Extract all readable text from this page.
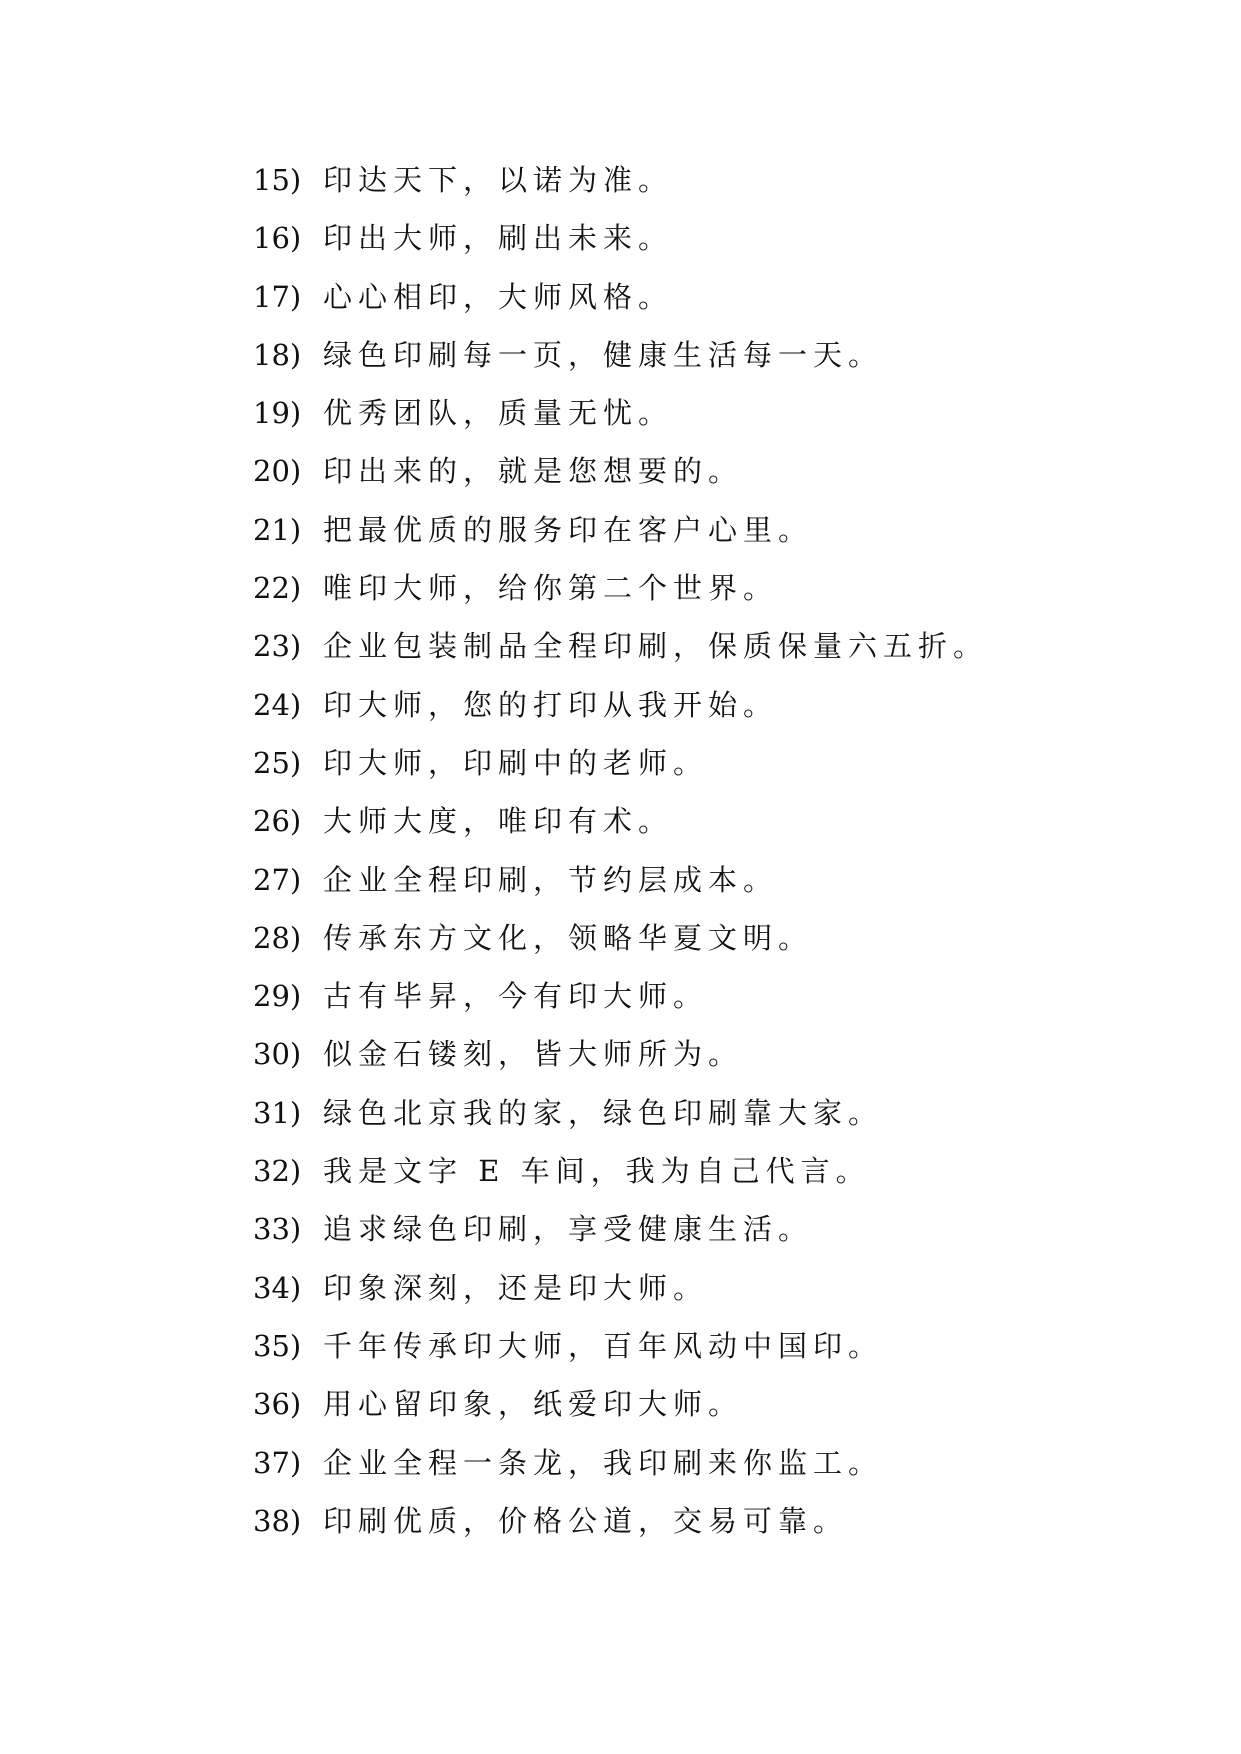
15) 印达天下，以诺为准。
16) 印出大师，刷出未来。
17) 心心相印，大师风格。
18) 绿色印刷每一页，健康生活每一天。
19) 优秀团队，质量无忧。
20) 印出来的，就是您想要的。
21) 把最优质的服务印在客户心里。
22) 唯印大师，给你第二个世界。
23) 企业包装制品全程印刷，保质保量六五折。
24) 印大师，您的打印从我开始。
25) 印大师，印刷中的老师。
26) 大师大度，唯印有术。
27) 企业全程印刷，节约层成本。
28) 传承东方文化，领略华夏文明。
29) 古有毕昇，今有印大师。
30) 似金石镂刻，皆大师所为。
31) 绿色北京我的家，绿色印刷靠大家。
32) 我是文字 E 车间，我为自己代言。
33) 追求绿色印刷，享受健康生活。
34) 印象深刻，还是印大师。
35) 千年传承印大师，百年风动中国印。
36) 用心留印象，纸爱印大师。
37) 企业全程一条龙，我印刷来你监工。
38) 印刷优质，价格公道，交易可靠。
